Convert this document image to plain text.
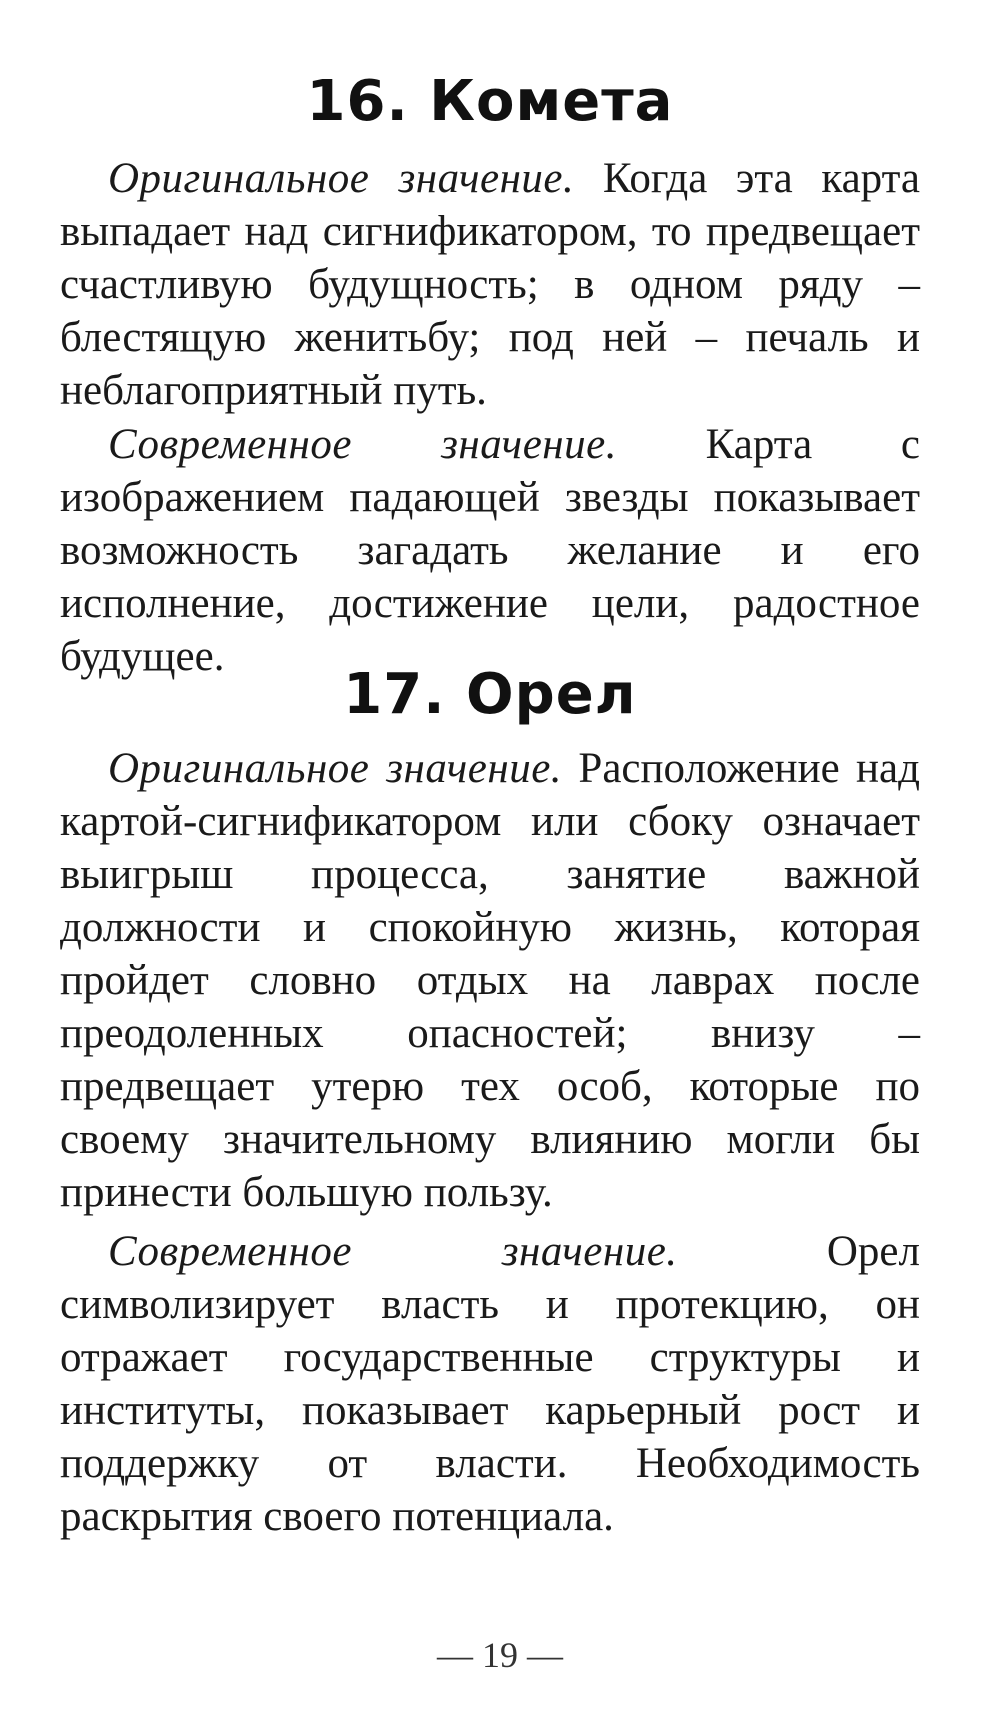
16. Комета

Оригинальное значение. Когда эта карта выпадает над сигнификатором, то предвещает счастливую будущность; в одном ряду – блестящую женитьбу; под ней – печаль и неблагоприятный путь.

Современное значение. Карта с изображением падающей звезды показывает возможность загадать желание и его исполнение, достижение цели, радостное будущее.

17. Орел

Оригинальное значение. Расположение над картой-сигнификатором или сбоку означает выигрыш процесса, занятие важной должности и спокойную жизнь, которая пройдет словно отдых на лаврах после преодоленных опасностей; внизу – предвещает утерю тех особ, которые по своему значительному влиянию могли бы принести большую пользу.

Современное значение. Орел символизирует власть и протекцию, он отражает государственные структуры и институты, показывает карьерный рост и поддержку от власти. Необходимость раскрытия своего потенциала.

— 19 —
